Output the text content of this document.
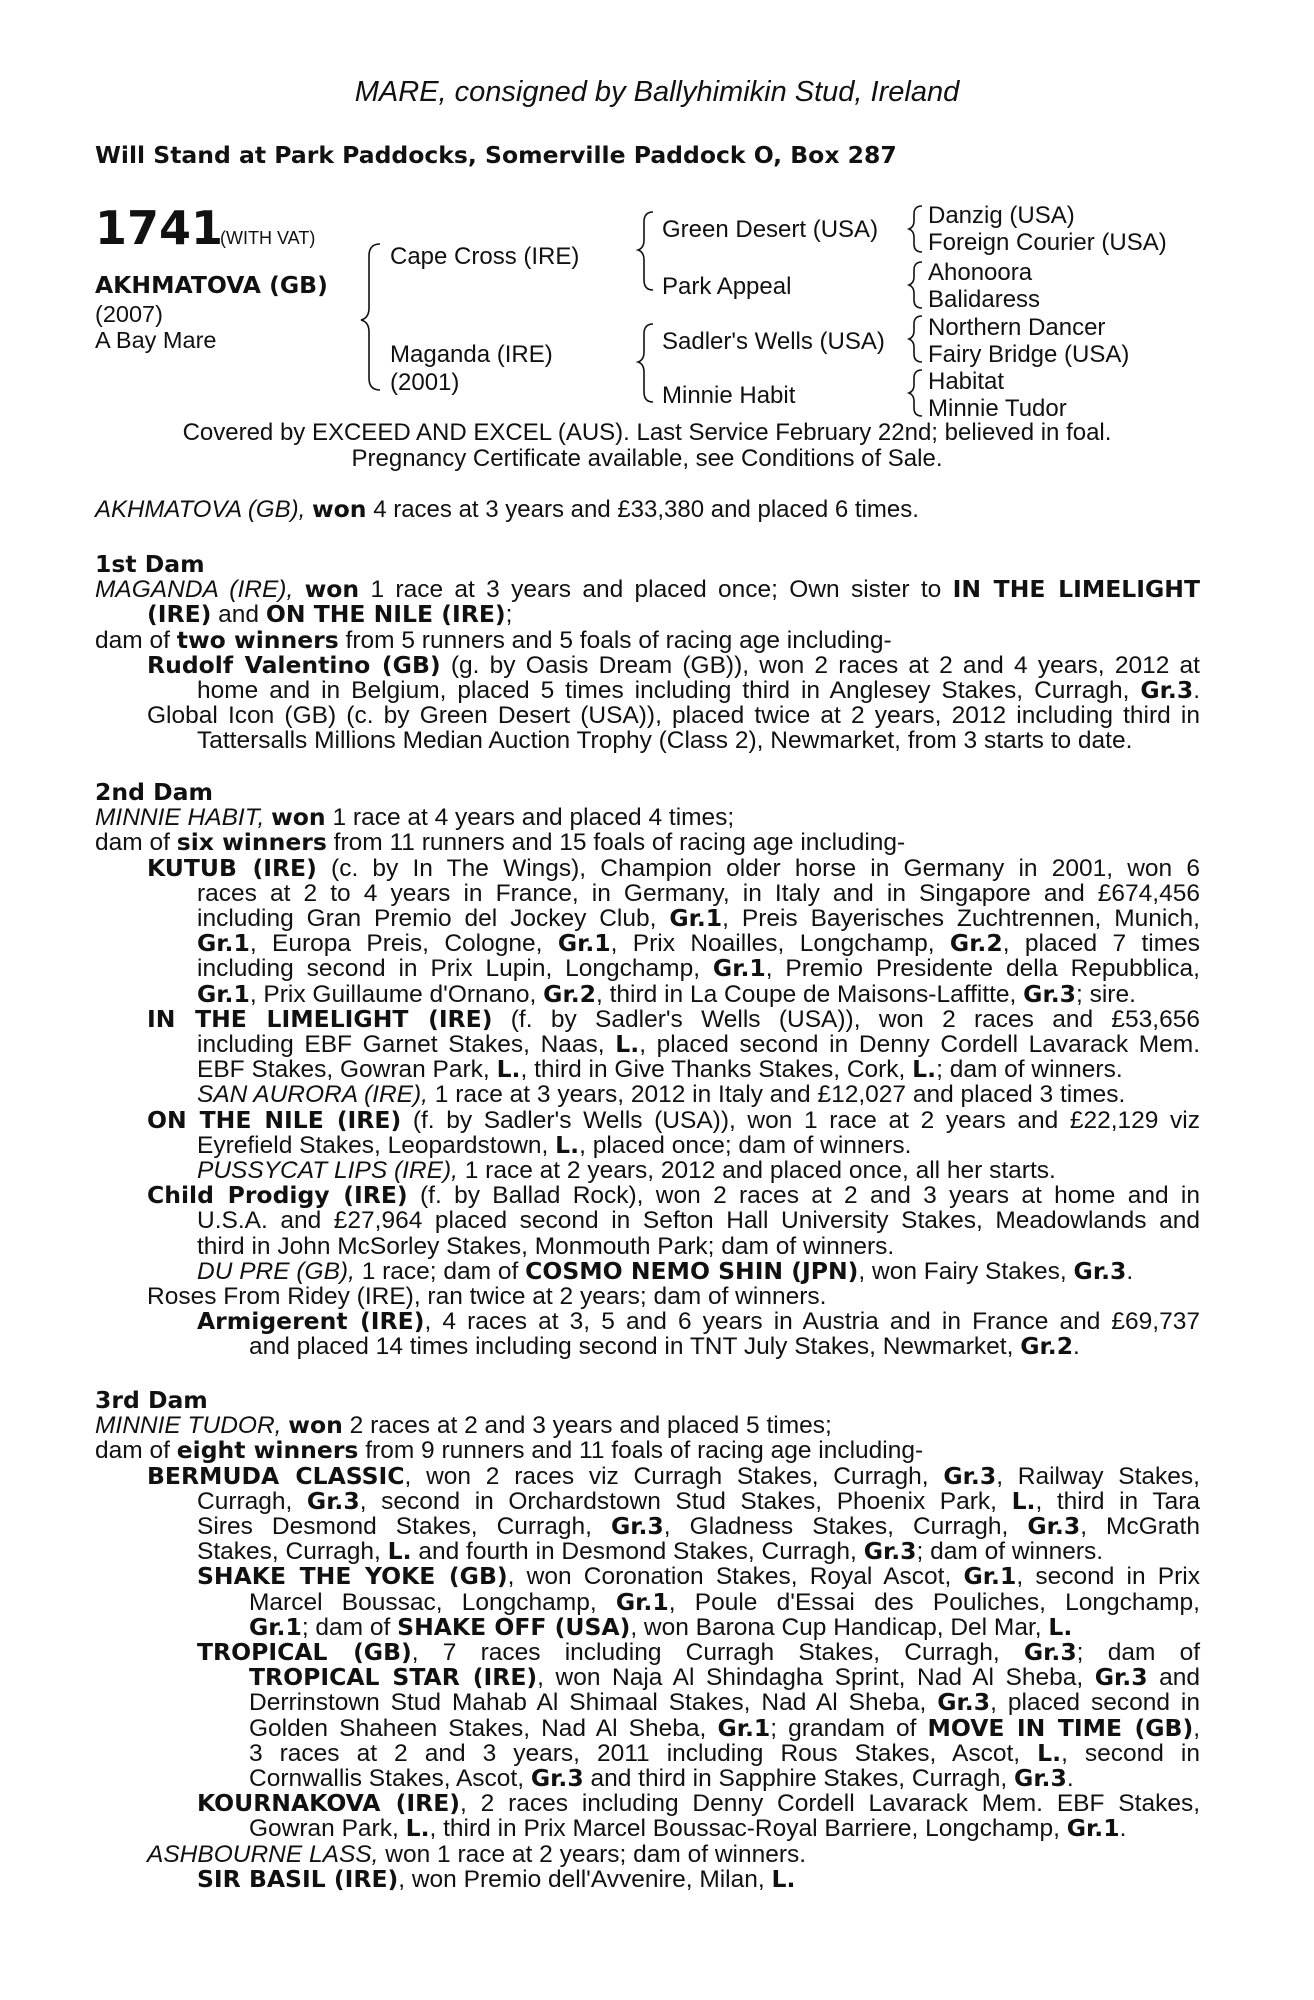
MARE, consigned by Ballyhimikin Stud, Ireland
Will Stand at Park Paddocks, Somerville Paddock O, Box 287
1741
(WITH VAT)
AKHMATOVA (GB)
(2007)
A Bay Mare
Cape Cross (IRE)
Maganda (IRE)
(2001)
Green Desert (USA)
Park Appeal
Sadler's Wells (USA)
Minnie Habit
Danzig (USA)
Foreign Courier (USA)
Ahonoora
Balidaress
Northern Dancer
Fairy Bridge (USA)
Habitat
Minnie Tudor
Covered by EXCEED AND EXCEL (AUS). Last Service February 22nd; believed in foal.
Pregnancy Certificate available, see Conditions of Sale.
AKHMATOVA (GB), won 4 races at 3 years and £33,380 and placed 6 times.
1st Dam
MAGANDA (IRE), won 1 race at 3 years and placed once; Own sister to IN THE LIMELIGHT
(IRE) and ON THE NILE (IRE);
dam of two winners from 5 runners and 5 foals of racing age including-
Rudolf Valentino (GB) (g. by Oasis Dream (GB)), won 2 races at 2 and 4 years, 2012 at
home and in Belgium, placed 5 times including third in Anglesey Stakes, Curragh, Gr.3.
Global Icon (GB) (c. by Green Desert (USA)), placed twice at 2 years, 2012 including third in
Tattersalls Millions Median Auction Trophy (Class 2), Newmarket, from 3 starts to date.
2nd Dam
MINNIE HABIT, won 1 race at 4 years and placed 4 times;
dam of six winners from 11 runners and 15 foals of racing age including-
KUTUB (IRE) (c. by In The Wings), Champion older horse in Germany in 2001, won 6
races at 2 to 4 years in France, in Germany, in Italy and in Singapore and £674,456
including Gran Premio del Jockey Club, Gr.1, Preis Bayerisches Zuchtrennen, Munich,
Gr.1, Europa Preis, Cologne, Gr.1, Prix Noailles, Longchamp, Gr.2, placed 7 times
including second in Prix Lupin, Longchamp, Gr.1, Premio Presidente della Repubblica,
Gr.1, Prix Guillaume d'Ornano, Gr.2, third in La Coupe de Maisons-Laffitte, Gr.3; sire.
IN THE LIMELIGHT (IRE) (f. by Sadler's Wells (USA)), won 2 races and £53,656
including EBF Garnet Stakes, Naas, L., placed second in Denny Cordell Lavarack Mem.
EBF Stakes, Gowran Park, L., third in Give Thanks Stakes, Cork, L.; dam of winners.
SAN AURORA (IRE), 1 race at 3 years, 2012 in Italy and £12,027 and placed 3 times.
ON THE NILE (IRE) (f. by Sadler's Wells (USA)), won 1 race at 2 years and £22,129 viz
Eyrefield Stakes, Leopardstown, L., placed once; dam of winners.
PUSSYCAT LIPS (IRE), 1 race at 2 years, 2012 and placed once, all her starts.
Child Prodigy (IRE) (f. by Ballad Rock), won 2 races at 2 and 3 years at home and in
U.S.A. and £27,964 placed second in Sefton Hall University Stakes, Meadowlands and
third in John McSorley Stakes, Monmouth Park; dam of winners.
DU PRE (GB), 1 race; dam of COSMO NEMO SHIN (JPN), won Fairy Stakes, Gr.3.
Roses From Ridey (IRE), ran twice at 2 years; dam of winners.
Armigerent (IRE), 4 races at 3, 5 and 6 years in Austria and in France and £69,737
and placed 14 times including second in TNT July Stakes, Newmarket, Gr.2.
3rd Dam
MINNIE TUDOR, won 2 races at 2 and 3 years and placed 5 times;
dam of eight winners from 9 runners and 11 foals of racing age including-
BERMUDA CLASSIC, won 2 races viz Curragh Stakes, Curragh, Gr.3, Railway Stakes,
Curragh, Gr.3, second in Orchardstown Stud Stakes, Phoenix Park, L., third in Tara
Sires Desmond Stakes, Curragh, Gr.3, Gladness Stakes, Curragh, Gr.3, McGrath
Stakes, Curragh, L. and fourth in Desmond Stakes, Curragh, Gr.3; dam of winners.
SHAKE THE YOKE (GB), won Coronation Stakes, Royal Ascot, Gr.1, second in Prix
Marcel Boussac, Longchamp, Gr.1, Poule d'Essai des Pouliches, Longchamp,
Gr.1; dam of SHAKE OFF (USA), won Barona Cup Handicap, Del Mar, L.
TROPICAL (GB), 7 races including Curragh Stakes, Curragh, Gr.3; dam of
TROPICAL STAR (IRE), won Naja Al Shindagha Sprint, Nad Al Sheba, Gr.3 and
Derrinstown Stud Mahab Al Shimaal Stakes, Nad Al Sheba, Gr.3, placed second in
Golden Shaheen Stakes, Nad Al Sheba, Gr.1; grandam of MOVE IN TIME (GB),
3 races at 2 and 3 years, 2011 including Rous Stakes, Ascot, L., second in
Cornwallis Stakes, Ascot, Gr.3 and third in Sapphire Stakes, Curragh, Gr.3.
KOURNAKOVA (IRE), 2 races including Denny Cordell Lavarack Mem. EBF Stakes,
Gowran Park, L., third in Prix Marcel Boussac-Royal Barriere, Longchamp, Gr.1.
ASHBOURNE LASS, won 1 race at 2 years; dam of winners.
SIR BASIL (IRE), won Premio dell'Avvenire, Milan, L.
